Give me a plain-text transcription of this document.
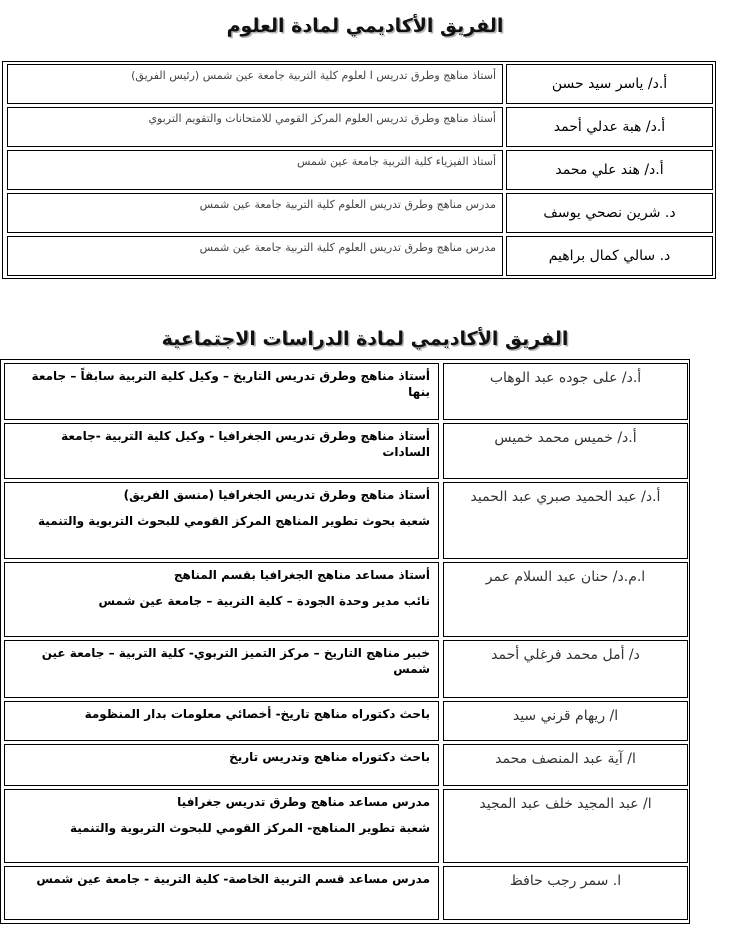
الفريق الأكاديمي لمادة العلوم
أ.د/ ياسر سيد حسن
أستاذ مناهج وطرق تدريس ا لعلوم كلية التربية جامعة عين شمس (رئيس الفريق)
أ.د/ هبة عدلي أحمد
أستاذ مناهج وطرق تدريس العلوم المركز القومي للامتحانات والتقويم التربوي
أ.د/ هند علي محمد
أستاذ الفيزياء كلية التربية جامعة عين شمس
د. شرين نصحي يوسف
مدرس مناهج وطرق تدريس العلوم كلية التربية جامعة عين شمس
د. سالي كمال براهيم
مدرس مناهج وطرق تدريس العلوم كلية التربية جامعة عين شمس
الفريق الأكاديمي لمادة الدراسات الاجتماعية
أ.د/ على جوده عبد الوهاب

أستاذ مناهج وطرق تدريس التاريخ – وكيل كلية التربية سابقاً – جامعة بنها

أ.د/ خميس محمد خميس

أستاذ مناهج وطرق تدريس الجغرافيا - وكيل كلية التربية -جامعة السادات

أ.د/ عبد الحميد صبري عبد الحميد

أستاذ مناهج وطرق تدريس الجغرافيا (منسق الفريق)

شعبة بحوث تطوير المناهج المركز القومي للبحوث التربوية والتنمية

ا.م.د/ حنان عبد السلام عمر

أستاذ مساعد مناهج الجغرافيا بقسم المناهج

نائب مدير وحدة الجودة – كلية التربية – جامعة عين شمس

د/ أمل محمد فرغلي أحمد

خبير مناهج التاريخ – مركز التميز التربوي- كلية التربية – جامعة عين شمس

ا/ ريهام قرني سيد

باحث دكتوراه مناهج تاريخ- أخصائي معلومات بدار المنظومة

ا/ آية عبد المنصف محمد

باحث دكتوراه مناهج وتدريس تاريخ

ا/ عبد المجيد خلف عبد المجيد

مدرس مساعد مناهج وطرق تدريس جغرافيا

شعبة تطوير المناهج- المركز القومي للبحوث التربوية والتنمية

ا. سمر رجب حافظ

مدرس مساعد قسم التربية الخاصة- كلية التربية - جامعة عين شمس
